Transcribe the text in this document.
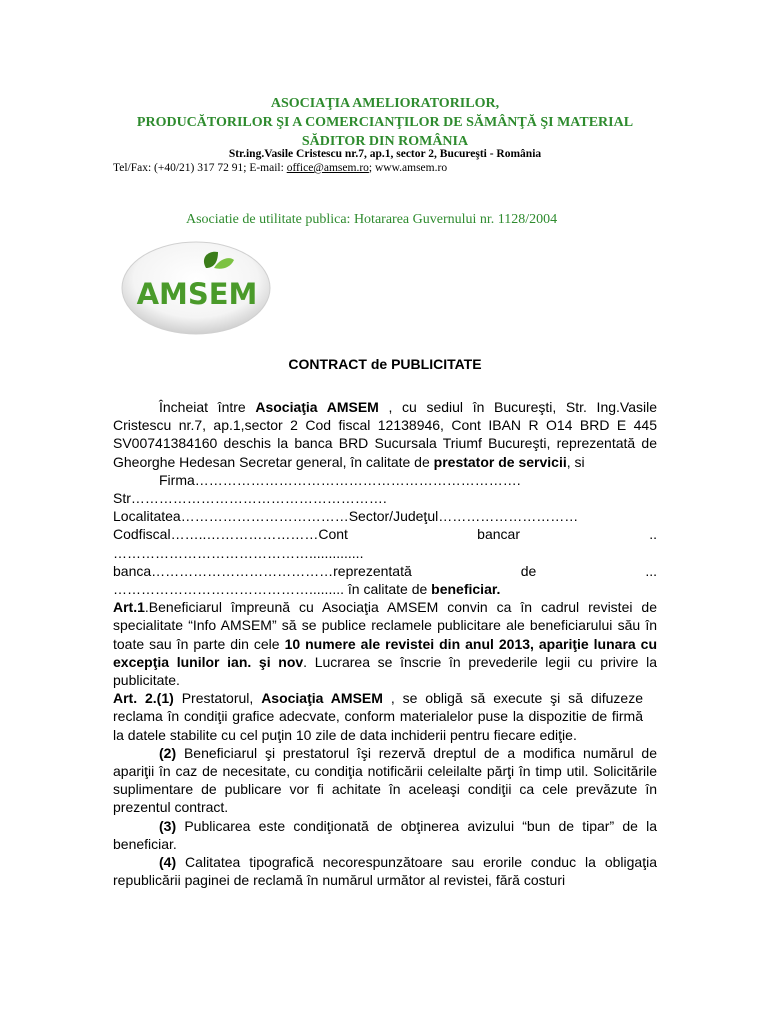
ASOCIAŢIA AMELIORATORILOR,
PRODUCĂTORILOR ŞI A COMERCIANŢILOR DE SĂMÂNŢĂ ŞI MATERIAL
SĂDITOR DIN ROMÂNIA
Str.ing.Vasile Cristescu nr.7, ap.1, sector 2, Bucureşti - România
Tel/Fax: (+40/21) 317 72 91; E-mail: office@amsem.ro; www.amsem.ro
Asociatie de utilitate publica: Hotararea Guvernului nr. 1128/2004
AMSEM
CONTRACT de PUBLICITATE

Încheiat între Asociaţia AMSEM , cu sediul în Bucureşti, Str. Ing.Vasile Cristescu nr.7, ap.1,sector 2 Cod fiscal 12138946, Cont IBAN R O14 BRD E 445 SV00741384160 deschis la banca BRD Sucursala Triumf Bucureşti, reprezentată de Gheorghe Hedesan Secretar general, în calitate de prestator de servicii, si

Firma…………………………………………………………….

Str……………………………………………….

Localitatea………………………………Sector/Judeţul…………………………

Codfiscal……..……………………Cont	bancar	..

……………………………………..............

banca…………………………………reprezentată	de	...

……………………………………......... în calitate de beneficiar.

Art.1.Beneficiarul împreună cu Asociaţia AMSEM convin ca în cadrul revistei de specialitate “Info AMSEM” să se publice reclamele publicitare ale beneficiarului său în toate sau în parte din cele 10 numere ale revistei din anul 2013, apariţie lunara cu excepţia lunilor ian. şi nov. Lucrarea se înscrie în prevederile legii cu privire la publicitate.

Art. 2.(1) Prestatorul, Asociaţia AMSEM , se obligă să execute şi să difuzeze reclama în condiţii grafice adecvate, conform materialelor puse la dispozitie de firmă la datele stabilite cu cel puţin 10 zile de data inchiderii pentru fiecare ediţie.

(2) Beneficiarul şi prestatorul îşi rezervă dreptul de a modifica numărul de apariţii în caz de necesitate, cu condiţia notificării celeilalte părţi în timp util. Solicitările suplimentare de publicare vor fi achitate în aceleaşi condiţii ca cele prevăzute în prezentul contract.

(3) Publicarea este condiţionată de obţinerea avizului “bun de tipar” de la beneficiar.

(4) Calitatea tipografică necorespunzătoare sau erorile conduc la obligaţia republicării paginei de reclamă în numărul următor al revistei, fără costuri
